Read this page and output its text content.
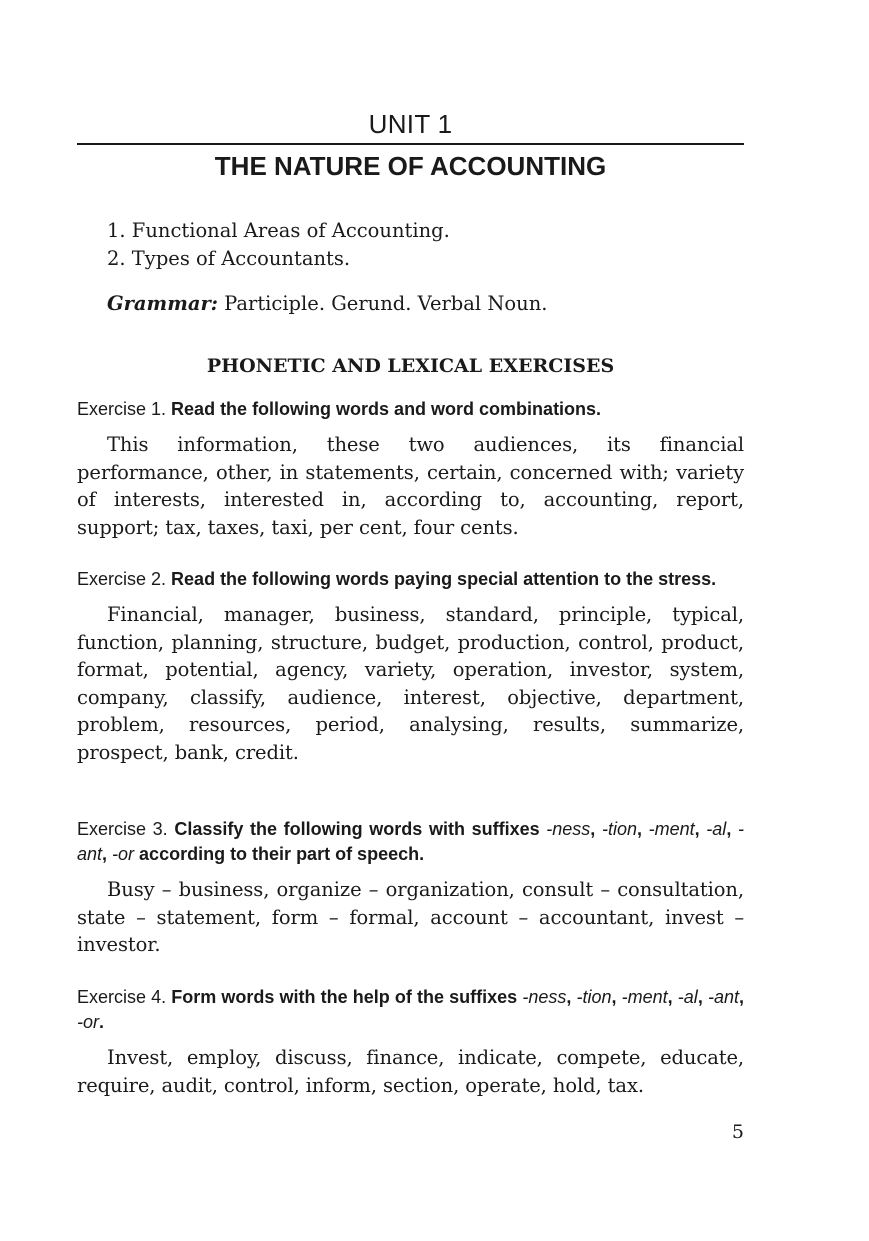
UNIT 1
THE NATURE OF ACCOUNTING
1. Functional Areas of Accounting.
2. Types of Accountants.

Grammar: Participle. Gerund. Verbal Noun.

PHONETIC AND LEXICAL EXERCISES

Exercise 1. Read the following words and word combinations.

This information, these two audiences, its financial performance, other, in statements, certain, concerned with; variety of interests, interested in, according to, accounting, report, support; tax, taxes, taxi, per cent, four cents.

Exercise 2. Read the following words paying special attention to the stress.

Financial, manager, business, standard, principle, typical, function, planning, structure, budget, production, control, product, format, potential, agency, variety, operation, investor, system, company, classify, audience, interest, objective, department, problem, resources, period, analysing, results, summarize, prospect, bank, credit.

Exercise 3. Classify the following words with suffixes -ness, -tion, -ment, -al, -ant, -or according to their part of speech.

Busy – business, organize – organization, consult – consultation, state – statement, form – formal, account – accountant, invest – investor.

Exercise 4. Form words with the help of the suffixes -ness, -tion, -ment, -al, -ant, -or.

Invest, employ, discuss, finance, indicate, compete, educate, require, audit, control, inform, section, operate, hold, tax.

5
